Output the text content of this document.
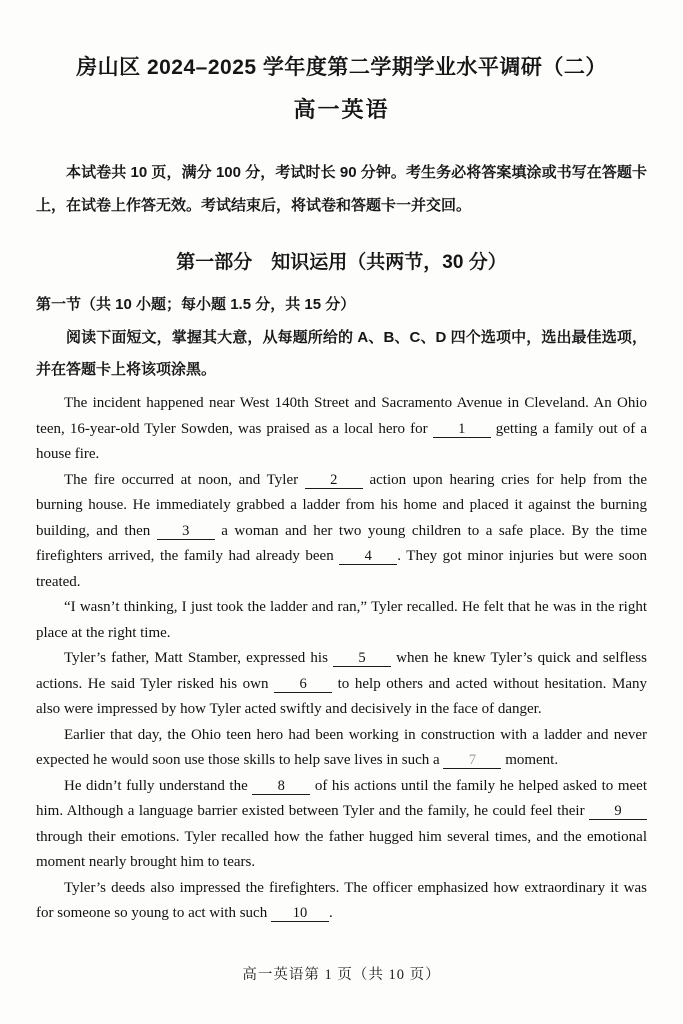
房山区 2024–2025 学年度第二学期学业水平调研（二）
高一英语

本试卷共 10 页，满分 100 分，考试时长 90 分钟。考生务必将答案填涂或书写在答题卡上，在试卷上作答无效。考试结束后，将试卷和答题卡一并交回。

第一部分　知识运用（共两节，30 分）
第一节（共 10 小题；每小题 1.5 分，共 15 分）

阅读下面短文，掌握其大意，从每题所给的 A、B、C、D 四个选项中，选出最佳选项，并在答题卡上将该项涂黑。

The incident happened near West 140th Street and Sacramento Avenue in Cleveland. An Ohio teen, 16-year-old Tyler Sowden, was praised as a local hero for 1 getting a family out of a house fire.

The fire occurred at noon, and Tyler 2 action upon hearing cries for help from the burning house. He immediately grabbed a ladder from his home and placed it against the burning building, and then 3 a woman and her two young children to a safe place. By the time firefighters arrived, the family had already been 4 . They got minor injuries but were soon treated.

“I wasn’t thinking, I just took the ladder and ran,” Tyler recalled. He felt that he was in the right place at the right time.

Tyler’s father, Matt Stamber, expressed his 5 when he knew Tyler’s quick and selfless actions. He said Tyler risked his own 6 to help others and acted without hesitation. Many also were impressed by how Tyler acted swiftly and decisively in the face of danger.

Earlier that day, the Ohio teen hero had been working in construction with a ladder and never expected he would soon use those skills to help save lives in such a 7 moment.

He didn’t fully understand the 8 of his actions until the family he helped asked to meet him. Although a language barrier existed between Tyler and the family, he could feel their 9 through their emotions. Tyler recalled how the father hugged him several times, and the emotional moment nearly brought him to tears.

Tyler’s deeds also impressed the firefighters. The officer emphasized how extraordinary it was for someone so young to act with such 10 .

高一英语第 1 页（共 10 页）
